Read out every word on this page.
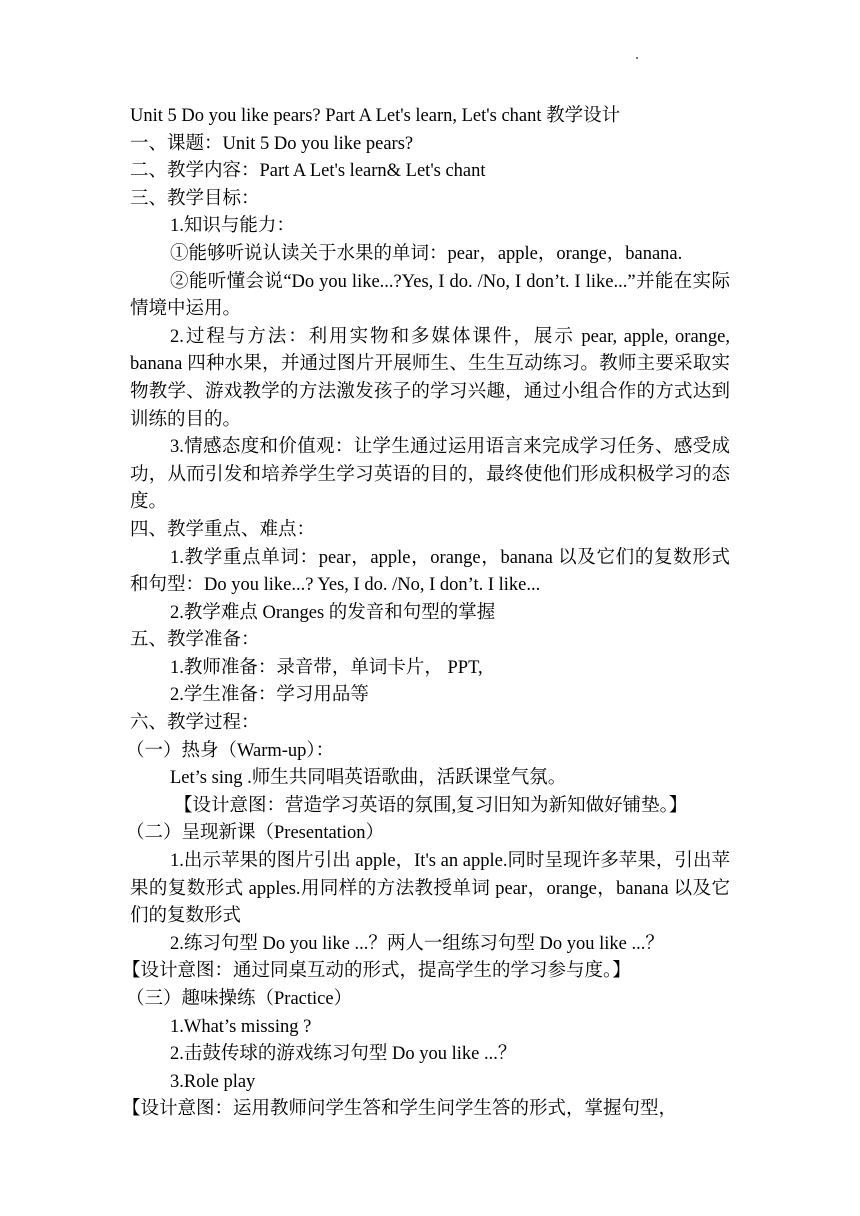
Unit 5 Do you like pears? Part A Let's learn, Let's chant 教学设计
一、课题：Unit 5 Do you like pears?
二、教学内容：Part A Let's learn& Let's chant
三、教学目标：
1.知识与能力：
①能够听说认读关于水果的单词：pear，apple，orange，banana.
②能听懂会说“Do you like...?Yes, I do. /No, I don’t. I like...”并能在实际情境中运用。
2.过程与方法：利用实物和多媒体课件，展示 pear, apple, orange, banana 四种水果，并通过图片开展师生、生生互动练习。教师主要采取实物教学、游戏教学的方法激发孩子的学习兴趣，通过小组合作的方式达到训练的目的。
3.情感态度和价值观：让学生通过运用语言来完成学习任务、感受成功，从而引发和培养学生学习英语的目的，最终使他们形成积极学习的态度。
四、教学重点、难点：
1.教学重点单词：pear，apple，orange，banana 以及它们的复数形式和句型：Do you like...? Yes, I do. /No, I don’t. I like...
2.教学难点 Oranges 的发音和句型的掌握
五、教学准备：
1.教师准备：录音带，单词卡片， PPT,
2.学生准备：学习用品等
六、教学过程：
（一）热身（Warm-up）：
Let’s sing .师生共同唱英语歌曲，活跃课堂气氛。
【设计意图：营造学习英语的氛围,复习旧知为新知做好铺垫。】
（二）呈现新课（Presentation）
1.出示苹果的图片引出 apple，It's an apple.同时呈现许多苹果，引出苹果的复数形式 apples.用同样的方法教授单词 pear，orange，banana 以及它们的复数形式
2.练习句型 Do you like ...？两人一组练习句型 Do you like ...？
【设计意图：通过同桌互动的形式，提高学生的学习参与度。】
（三）趣味操练（Practice）
1.What’s missing ?
2.击鼓传球的游戏练习句型 Do you like ...？
3.Role play
【设计意图：运用教师问学生答和学生问学生答的形式，掌握句型，
